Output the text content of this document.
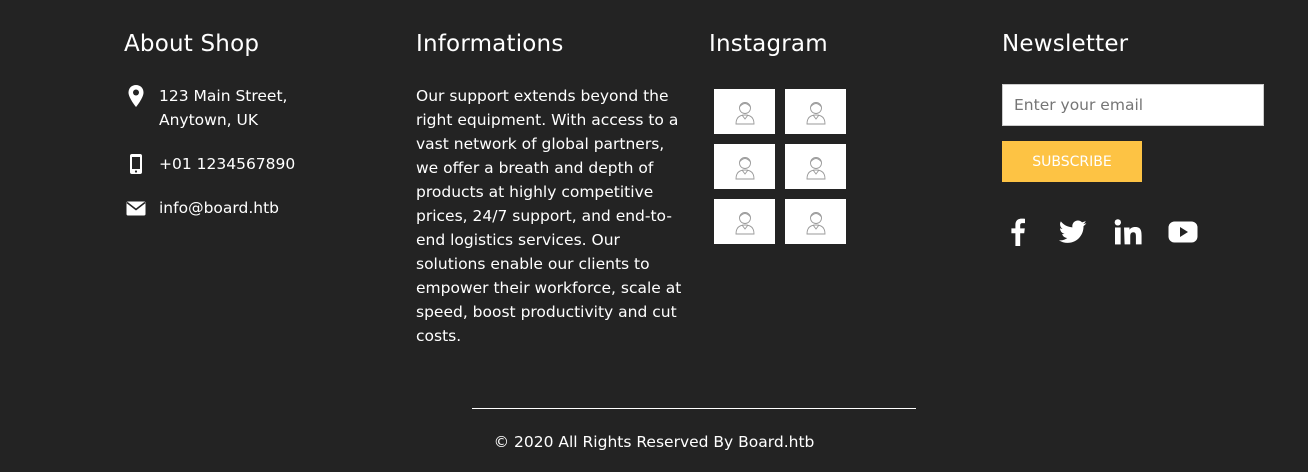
About Shop
123 Main Street,
Anytown, UK
+01 1234567890
info@board.htb
Informations

Our support extends beyond the right equipment. With access to a vast network of global partners, we offer a breath and depth of products at highly competitive prices, 24/7 support, and end-to-end logistics services. Our solutions enable our clients to empower their workforce, scale at speed, boost productivity and cut costs.

Instagram	Newsletter
Enter your email
SUBSCRIBE
© 2020 All Rights Reserved By Board.htb
